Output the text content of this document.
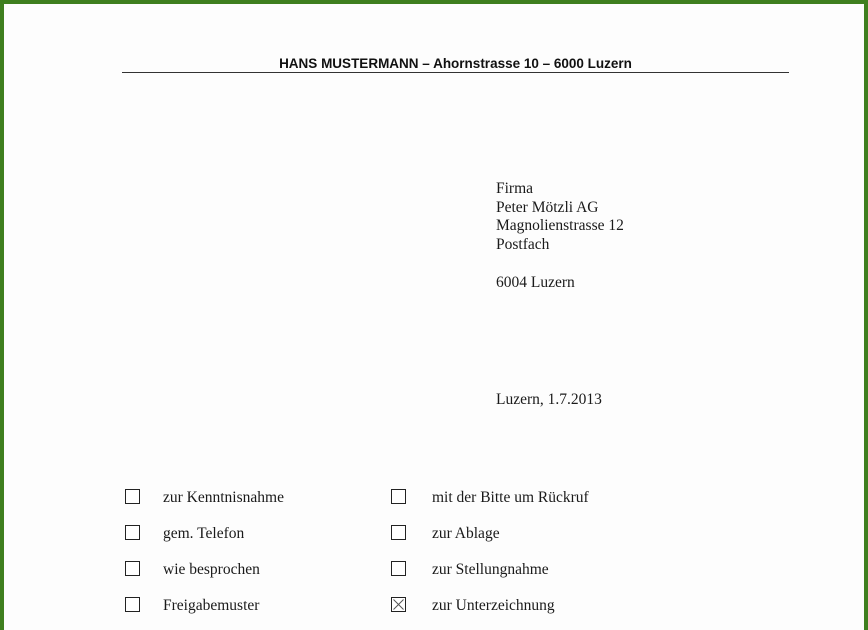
HANS MUSTERMANN – Ahornstrasse 10 – 6000 Luzern
Firma
Peter Mötzli AG
Magnolienstrasse 12
Postfach
6004 Luzern
Luzern, 1.7.2013
zur Kenntnisnahme
gem. Telefon
wie besprochen
Freigabemuster
mit der Bitte um Rückruf
zur Ablage
zur Stellungnahme
zur Unterzeichnung
